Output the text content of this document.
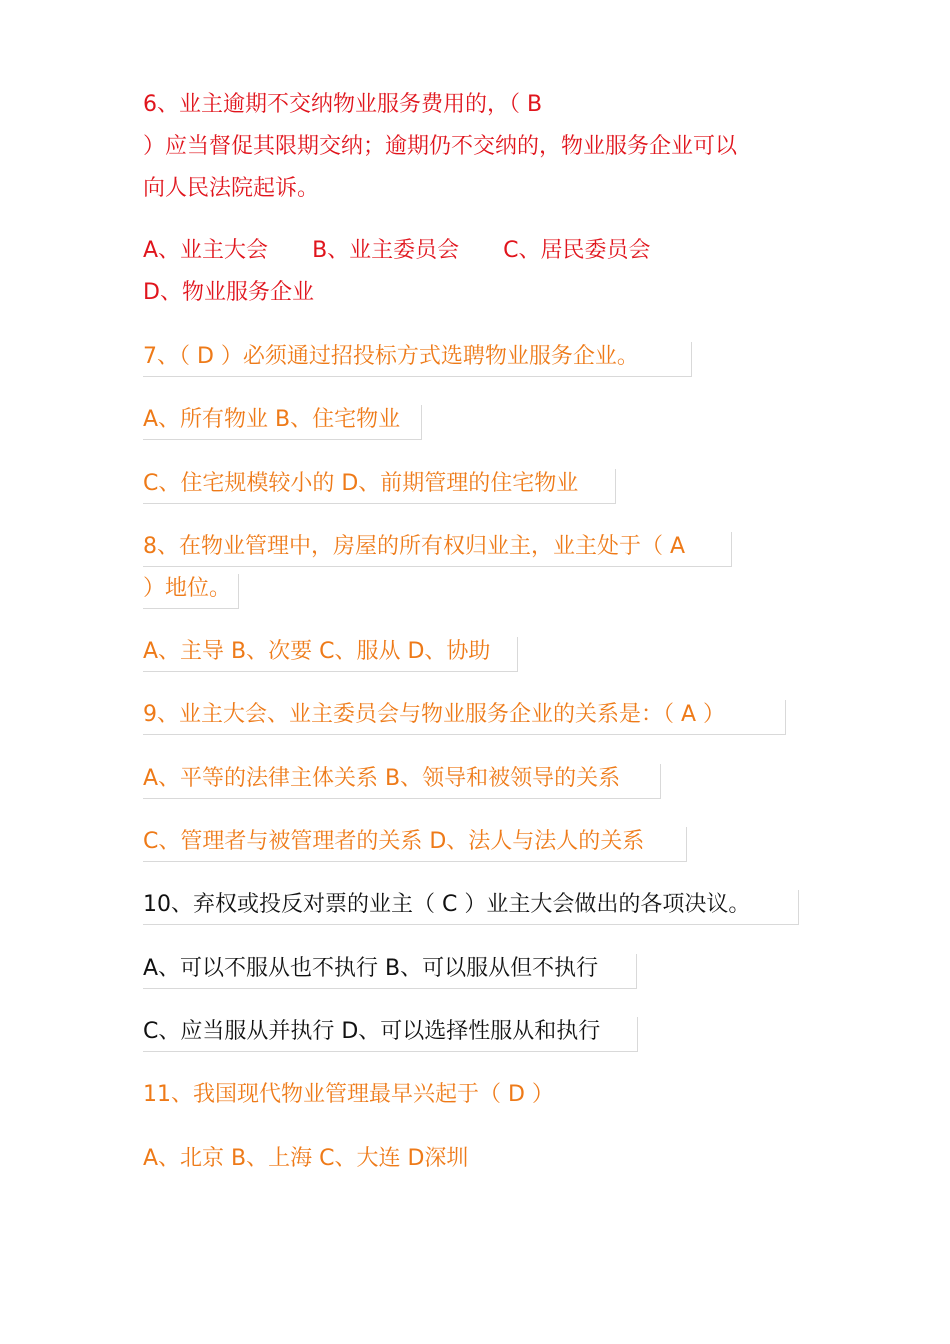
6、业主逾期不交纳物业服务费用的，（ B
）应当督促其限期交纳；逾期仍不交纳的，物业服务企业可以
向人民法院起诉。
A、业主大会 B、业主委员会 C、居民委员会
D、物业服务企业
7、（ D ）必须通过招投标方式选聘物业服务企业。
A、所有物业 B、住宅物业
C、住宅规模较小的 D、前期管理的住宅物业
8、在物业管理中，房屋的所有权归业主，业主处于（ A
）地位。
A、主导 B、次要 C、服从 D、协助
9、业主大会、业主委员会与物业服务企业的关系是：（ A ）
A、平等的法律主体关系 B、领导和被领导的关系
C、管理者与被管理者的关系 D、法人与法人的关系
10、弃权或投反对票的业主（ C ）业主大会做出的各项决议。
A、可以不服从也不执行 B、可以服从但不执行
C、应当服从并执行 D、可以选择性服从和执行
11、我国现代物业管理最早兴起于（ D ）
A、北京 B、上海 C、大连 D深圳
